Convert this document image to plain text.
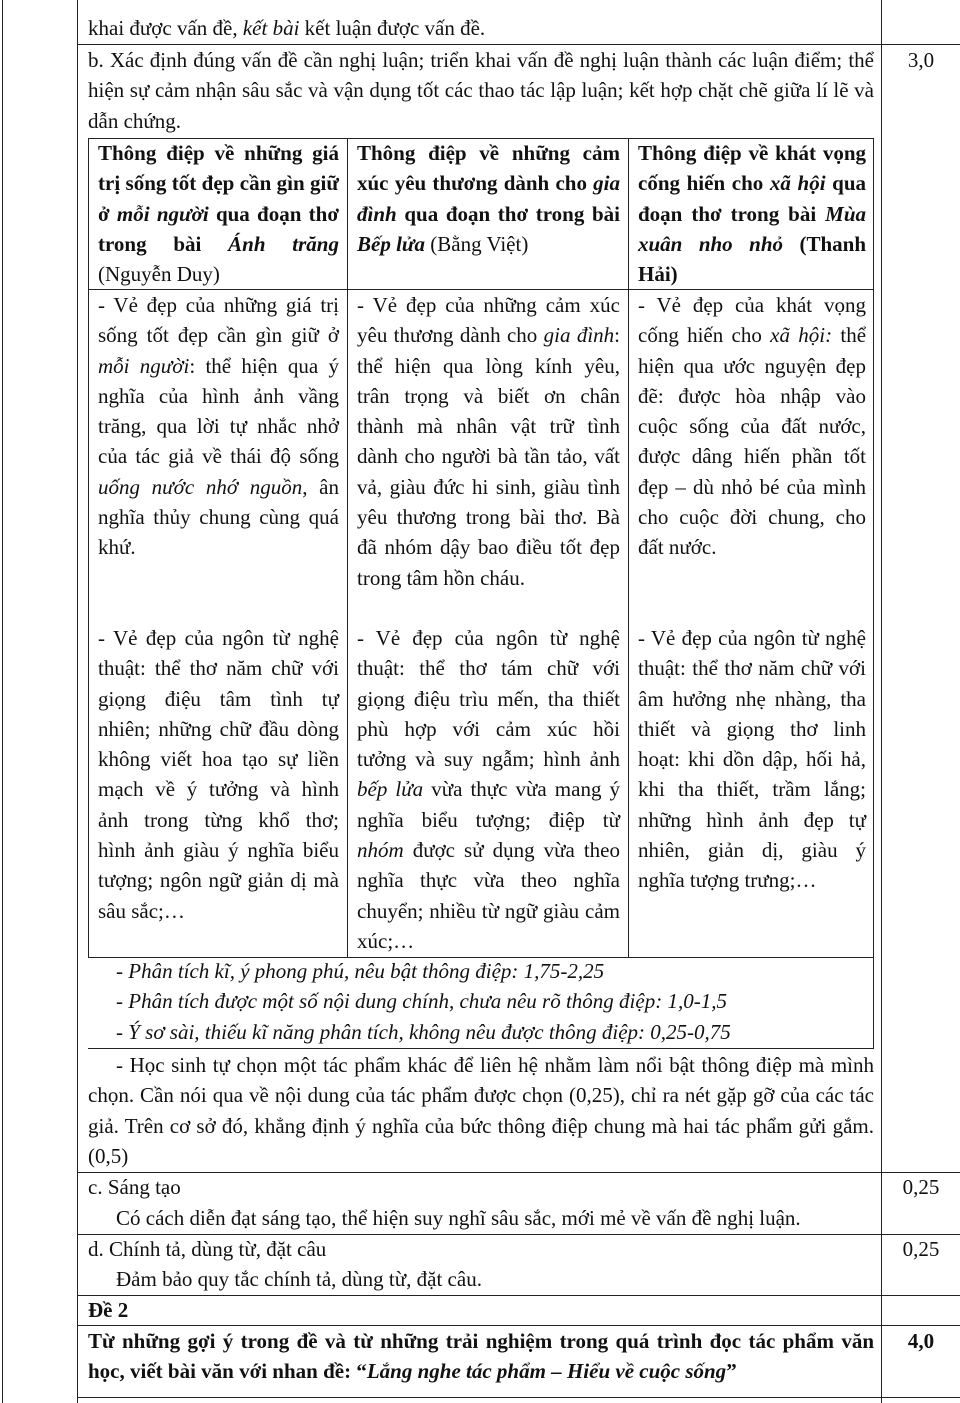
khai được vấn đề, kết bài kết luận được vấn đề.
b. Xác định đúng vấn đề cần nghị luận; triển khai vấn đề nghị luận thành các luận điểm; thể hiện sự cảm nhận sâu sắc và vận dụng tốt các thao tác lập luận; kết hợp chặt chẽ giữa lí lẽ và dẫn chứng.
3,0
Thông điệp về những giá trị sống tốt đẹp cần gìn giữ ở mỗi người qua đoạn thơ trong bài Ánh trăng (Nguyễn Duy)
Thông điệp về những cảm xúc yêu thương dành cho gia đình qua đoạn thơ trong bài Bếp lửa (Bằng Việt)
Thông điệp về khát vọng cống hiến cho xã hội qua đoạn thơ trong bài Mùa xuân nho nhỏ (Thanh Hải)
- Vẻ đẹp của những giá trị sống tốt đẹp cần gìn giữ ở mỗi người: thể hiện qua ý nghĩa của hình ảnh vầng trăng, qua lời tự nhắc nhở của tác giả về thái độ sống uống nước nhớ nguồn, ân nghĩa thủy chung cùng quá khứ.
- Vẻ đẹp của những cảm xúc yêu thương dành cho gia đình: thể hiện qua lòng kính yêu, trân trọng và biết ơn chân thành mà nhân vật trữ tình dành cho người bà tần tảo, vất vả, giàu đức hi sinh, giàu tình yêu thương trong bài thơ. Bà đã nhóm dậy bao điều tốt đẹp trong tâm hồn cháu.
- Vẻ đẹp của khát vọng cống hiến cho xã hội: thể hiện qua ước nguyện đẹp đẽ: được hòa nhập vào cuộc sống của đất nước, được dâng hiến phần tốt đẹp – dù nhỏ bé của mình cho cuộc đời chung, cho đất nước.
- Vẻ đẹp của ngôn từ nghệ thuật: thể thơ năm chữ với giọng điệu tâm tình tự nhiên; những chữ đầu dòng không viết hoa tạo sự liền mạch về ý tưởng và hình ảnh trong từng khổ thơ; hình ảnh giàu ý nghĩa biểu tượng; ngôn ngữ giản dị mà sâu sắc;…
- Vẻ đẹp của ngôn từ nghệ thuật: thể thơ tám chữ với giọng điệu trìu mến, tha thiết phù hợp với cảm xúc hồi tưởng và suy ngẫm; hình ảnh bếp lửa vừa thực vừa mang ý nghĩa biểu tượng; điệp từ nhóm được sử dụng vừa theo nghĩa thực vừa theo nghĩa chuyển; nhiều từ ngữ giàu cảm xúc;…
- Vẻ đẹp của ngôn từ nghệ thuật: thể thơ năm chữ với âm hưởng nhẹ nhàng, tha thiết và giọng thơ linh hoạt: khi dồn dập, hối hả, khi tha thiết, trầm lắng; những hình ảnh đẹp tự nhiên, giản dị, giàu ý nghĩa tượng trưng;…
- Phân tích kĩ, ý phong phú, nêu bật thông điệp: 1,75-2,25
- Phân tích được một số nội dung chính, chưa nêu rõ thông điệp: 1,0-1,5
- Ý sơ sài, thiếu kĩ năng phân tích, không nêu được thông điệp: 0,25-0,75
- Học sinh tự chọn một tác phẩm khác để liên hệ nhằm làm nổi bật thông điệp mà mình chọn. Cần nói qua về nội dung của tác phẩm được chọn (0,25), chỉ ra nét gặp gỡ của các tác giả. Trên cơ sở đó, khẳng định ý nghĩa của bức thông điệp chung mà hai tác phẩm gửi gắm. (0,5)
c. Sáng tạo
Có cách diễn đạt sáng tạo, thể hiện suy nghĩ sâu sắc, mới mẻ về vấn đề nghị luận.
0,25
d. Chính tả, dùng từ, đặt câu
Đảm bảo quy tắc chính tả, dùng từ, đặt câu.
0,25
Đề 2
Từ những gợi ý trong đề và từ những trải nghiệm trong quá trình đọc tác phẩm văn học, viết bài văn với nhan đề: “Lắng nghe tác phẩm – Hiểu về cuộc sống”
4,0
